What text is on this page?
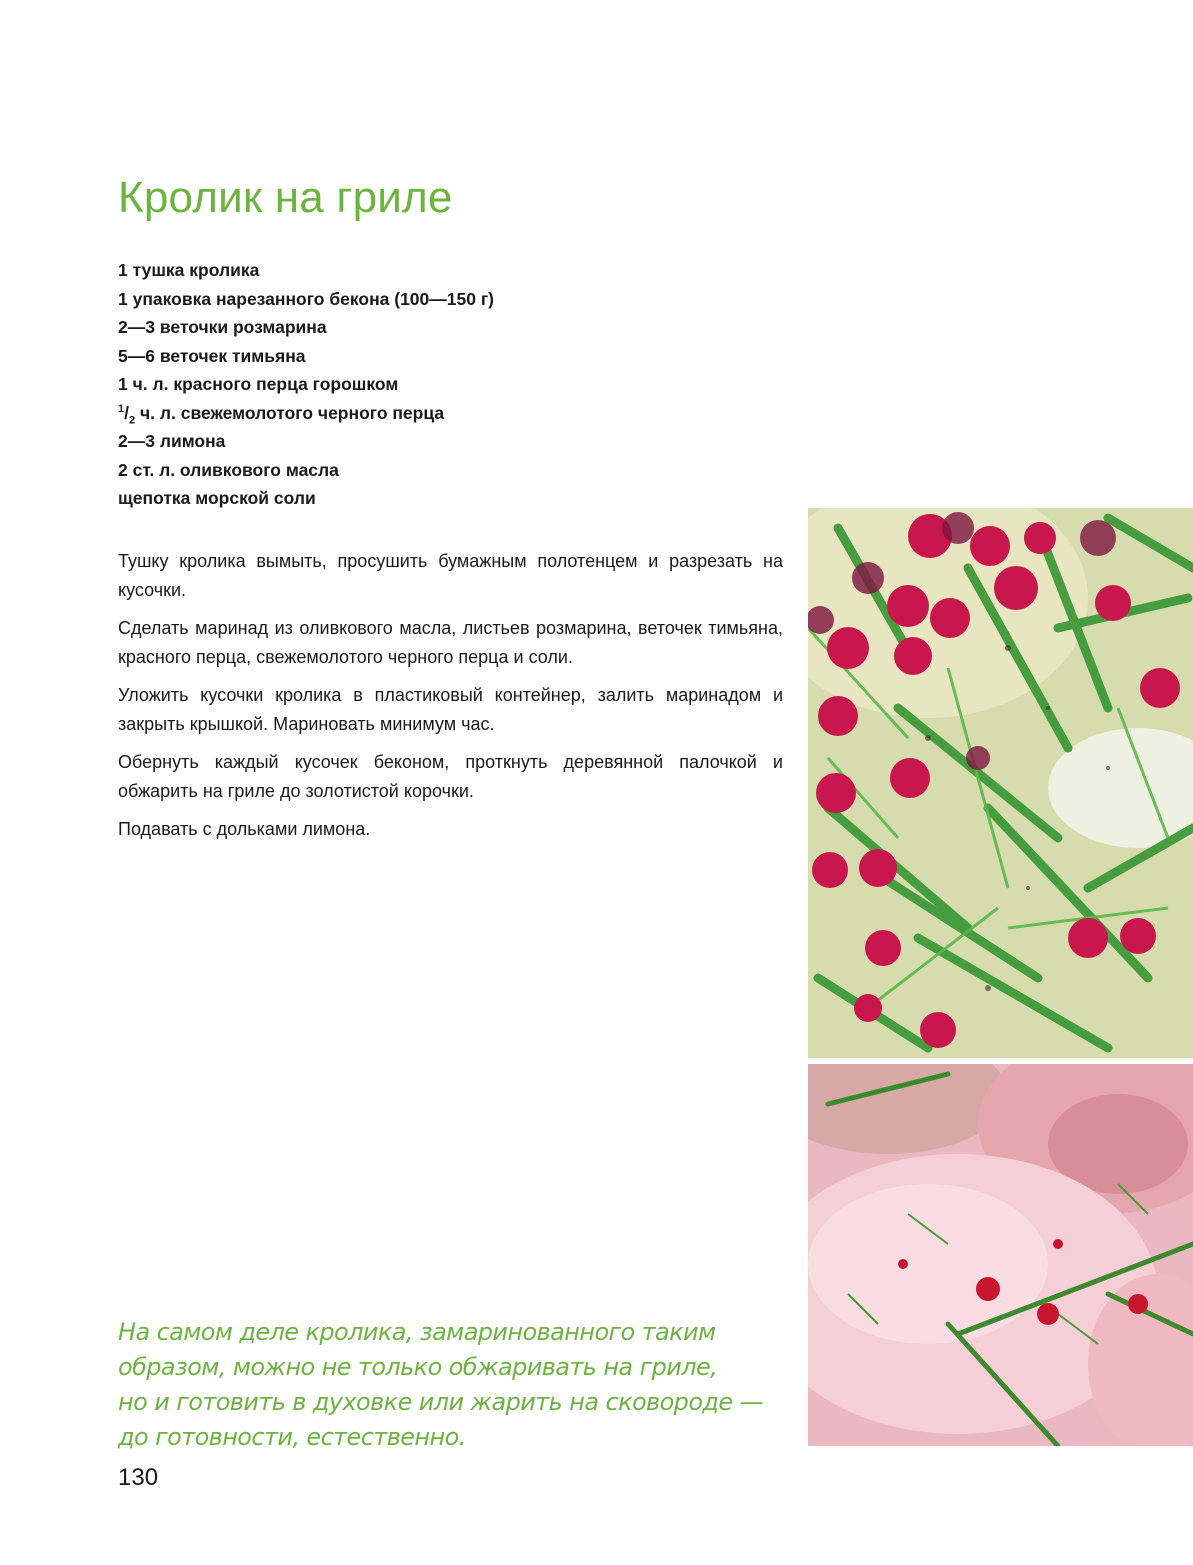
Кролик на гриле
1 тушка кролика
1 упаковка нарезанного бекона (100—150 г)
2—3 веточки розмарина
5—6 веточек тимьяна
1 ч. л. красного перца горошком
$^1/_2$ ч. л. свежемолотого черного перца
2—3 лимона
2 ст. л. оливкового масла
щепотка морской соли

Тушку кролика вымыть, просушить бумажным полотенцем и разрезать на кусочки.

Сделать маринад из оливкового масла, листьев розмарина, веточек тимьяна, красного перца, свежемолотого черного перца и соли.

Уложить кусочки кролика в пластиковый контейнер, залить маринадом и закрыть крышкой. Мариновать минимум час.

Обернуть каждый кусочек беконом, проткнуть деревянной палочкой и обжарить на гриле до золотистой корочки.

Подавать с дольками лимона.

На самом деле кролика, замаринованного таким
образом, можно не только обжаривать на гриле,
но и готовить в духовке или жарить на сковороде —
до готовности, естественно.
130
